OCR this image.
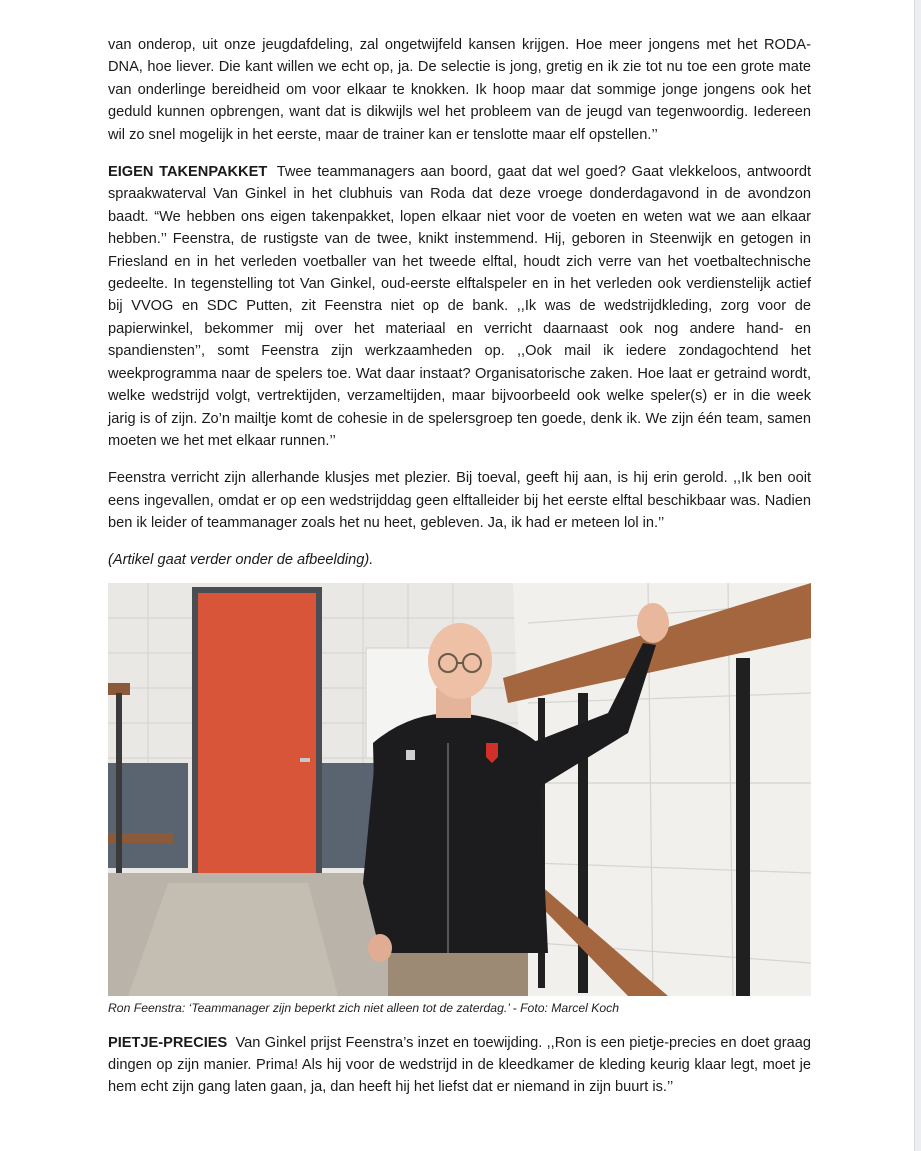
van onderop, uit onze jeugdafdeling, zal ongetwijfeld kansen krijgen. Hoe meer jongens met het RODA-DNA, hoe liever. Die kant willen we echt op, ja. De selectie is jong, gretig en ik zie tot nu toe een grote mate van onderlinge bereidheid om voor elkaar te knokken. Ik hoop maar dat sommige jonge jongens ook het geduld kunnen opbrengen, want dat is dikwijls wel het probleem van de jeugd van tegenwoordig. Iedereen wil zo snel mogelijk in het eerste, maar de trainer kan er tenslotte maar elf opstellen.’’

EIGEN TAKENPAKKET Twee teammanagers aan boord, gaat dat wel goed? Gaat vlekkeloos, antwoordt spraakwaterval Van Ginkel in het clubhuis van Roda dat deze vroege donderdagavond in de avondzon baadt. “We hebben ons eigen takenpakket, lopen elkaar niet voor de voeten en weten wat we aan elkaar hebben.’’ Feenstra, de rustigste van de twee, knikt instemmend. Hij, geboren in Steenwijk en getogen in Friesland en in het verleden voetballer van het tweede elftal, houdt zich verre van het voetbaltechnische gedeelte. In tegenstelling tot Van Ginkel, oud-eerste elftalspeler en in het verleden ook verdienstelijk actief bij VVOG en SDC Putten, zit Feenstra niet op de bank. ,,Ik was de wedstrijdkleding, zorg voor de papierwinkel, bekommer mij over het materiaal en verricht daarnaast ook nog andere hand- en spandiensten’’, somt Feenstra zijn werkzaamheden op. ,,Ook mail ik iedere zondagochtend het weekprogramma naar de spelers toe. Wat daar instaat? Organisatorische zaken. Hoe laat er getraind wordt, welke wedstrijd volgt, vertrektijden, verzameltijden, maar bijvoorbeeld ook welke speler(s) er in die week jarig is of zijn. Zo’n mailtje komt de cohesie in de spelersgroep ten goede, denk ik. We zijn één team, samen moeten we het met elkaar runnen.’’

Feenstra verricht zijn allerhande klusjes met plezier. Bij toeval, geeft hij aan, is hij erin gerold. ,,Ik ben ooit eens ingevallen, omdat er op een wedstrijddag geen elftalleider bij het eerste elftal beschikbaar was. Nadien ben ik leider of teammanager zoals het nu heet, gebleven. Ja, ik had er meteen lol in.’’

(Artikel gaat verder onder de afbeelding).

Ron Feenstra: ‘Teammanager zijn beperkt zich niet alleen tot de zaterdag.’ - Foto: Marcel Koch

PIETJE-PRECIES Van Ginkel prijst Feenstra’s inzet en toewijding. ,,Ron is een pietje-precies en doet graag dingen op zijn manier. Prima! Als hij voor de wedstrijd in de kleedkamer de kleding keurig klaar legt, moet je hem echt zijn gang laten gaan, ja, dan heeft hij het liefst dat er niemand in zijn buurt is.’’
